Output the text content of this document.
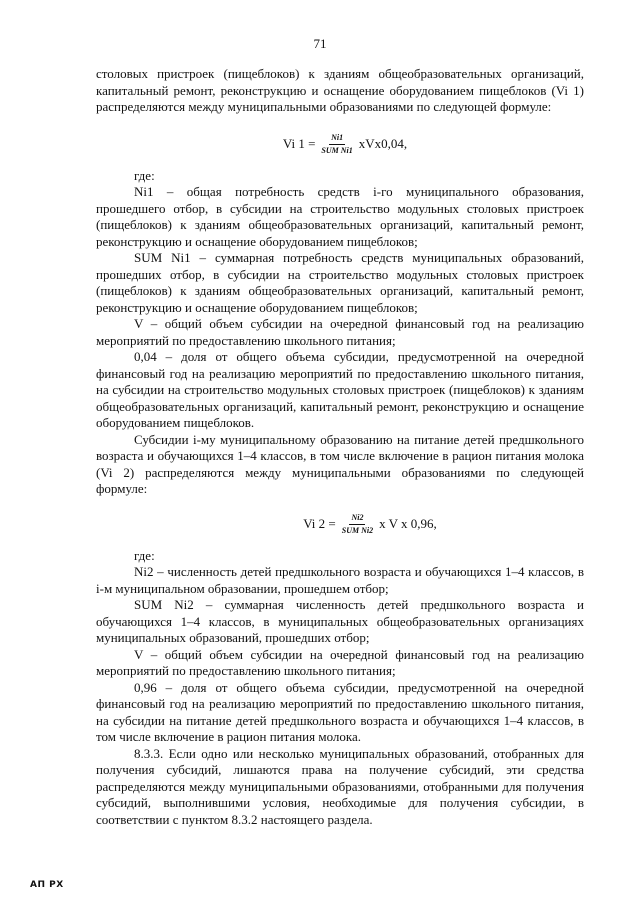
71

столовых пристроек (пищеблоков) к зданиям общеобразовательных организаций, капитальный ремонт, реконструкцию и оснащение оборудованием пищеблоков (Vi 1) распределяются между муниципальными образованиями по следующей формуле:

Vi $1 = \frac{Ni1}{\text{SUM Ni1}} xVx0,04$,

где:

Ni1 – общая потребность средств i-го муниципального образования, прошедшего отбор, в субсидии на строительство модульных столовых пристроек (пищеблоков) к зданиям общеобразовательных организаций, капитальный ремонт, реконструкцию и оснащение оборудованием пищеблоков;

SUM Ni1 – суммарная потребность средств муниципальных образований, прошедших отбор, в субсидии на строительство модульных столовых пристроек (пищеблоков) к зданиям общеобразовательных организаций, капитальный ремонт, реконструкцию и оснащение оборудованием пищеблоков;

V – общий объем субсидии на очередной финансовый год на реализацию мероприятий по предоставлению школьного питания;

0,04 – доля от общего объема субсидии, предусмотренной на очередной финансовый год на реализацию мероприятий по предоставлению школьного питания, на субсидии на строительство модульных столовых пристроек (пищеблоков) к зданиям общеобразовательных организаций, капитальный ремонт, реконструкцию и оснащение оборудованием пищеблоков.

Субсидии i-му муниципальному образованию на питание детей предшкольного возраста и обучающихся 1–4 классов, в том числе включение в рацион питания молока (Vi 2) распределяются между муниципальными образованиями по следующей формуле:

Vi $2 = \frac{Ni2}{\text{SUM Ni2}}$ x V x 0,96,

где:

Ni2 – численность детей предшкольного возраста и обучающихся 1–4 классов, в i-м муниципальном образовании, прошедшем отбор;

SUM Ni2 – суммарная численность детей предшкольного возраста и обучающихся 1–4 классов, в муниципальных общеобразовательных организациях муниципальных образований, прошедших отбор;

V – общий объем субсидии на очередной финансовый год на реализацию мероприятий по предоставлению школьного питания;

0,96 – доля от общего объема субсидии, предусмотренной на очередной финансовый год на реализацию мероприятий по предоставлению школьного питания, на субсидии на питание детей предшкольного возраста и обучающихся 1–4 классов, в том числе включение в рацион питания молока.

8.3.3. Если одно или несколько муниципальных образований, отобранных для получения субсидий, лишаются права на получение субсидий, эти средства распределяются между муниципальными образованиями, отобранными для получения субсидий, выполнившими условия, необходимые для получения субсидии, в соответствии с пунктом 8.3.2 настоящего раздела.

АП РХ
